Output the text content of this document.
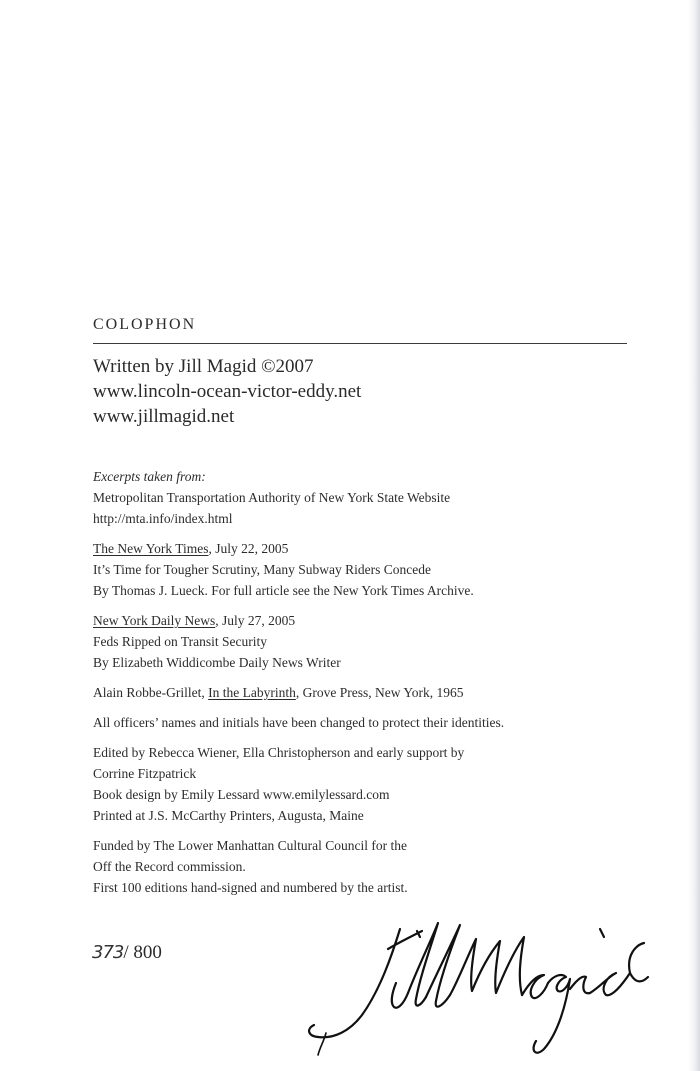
COLOPHON
Written by Jill Magid ©2007
www.lincoln-ocean-victor-eddy.net
www.jillmagid.net
Excerpts taken from:
Metropolitan Transportation Authority of New York State Website
http://mta.info/index.html
The New York Times, July 22, 2005
It’s Time for Tougher Scrutiny, Many Subway Riders Concede
By Thomas J. Lueck. For full article see the New York Times Archive.
New York Daily News, July 27, 2005
Feds Ripped on Transit Security
By Elizabeth Widdicombe Daily News Writer
Alain Robbe-Grillet, In the Labyrinth, Grove Press, New York, 1965
All officers’ names and initials have been changed to protect their identities.
Edited by Rebecca Wiener, Ella Christopherson and early support by
Corrine Fitzpatrick
Book design by Emily Lessard www.emilylessard.com
Printed at J.S. McCarthy Printers, Augusta, Maine
Funded by The Lower Manhattan Cultural Council for the
Off the Record commission.
First 100 editions hand-signed and numbered by the artist.
373/ 800
